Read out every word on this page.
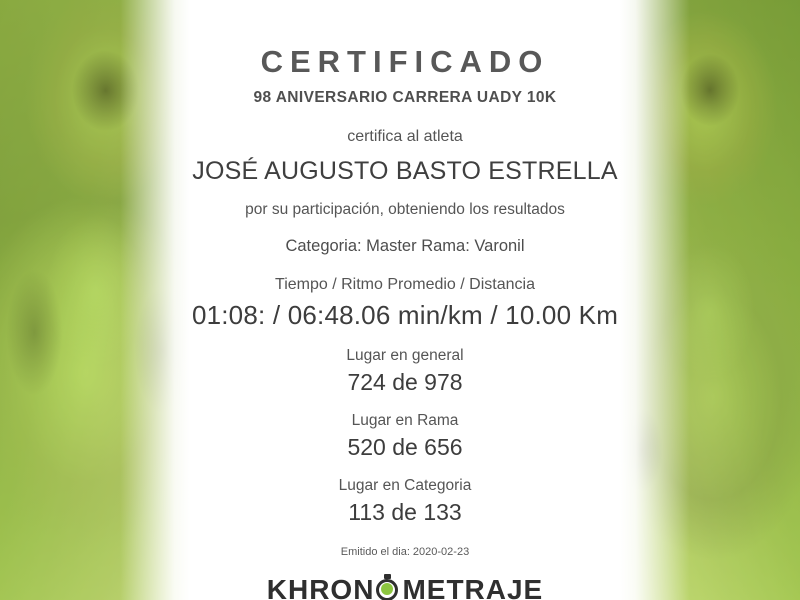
CERTIFICADO
98 ANIVERSARIO CARRERA UADY 10K
certifica al atleta
JOSÉ AUGUSTO BASTO ESTRELLA
por su participación, obteniendo los resultados
Categoria: Master Rama: Varonil
Tiempo / Ritmo Promedio / Distancia
01:08: / 06:48.06 min/km / 10.00 Km
Lugar en general
724 de 978
Lugar en Rama
520 de 656
Lugar en Categoria
113 de 133
Emitido el dia: 2020-02-23
KHRON METRAJE
